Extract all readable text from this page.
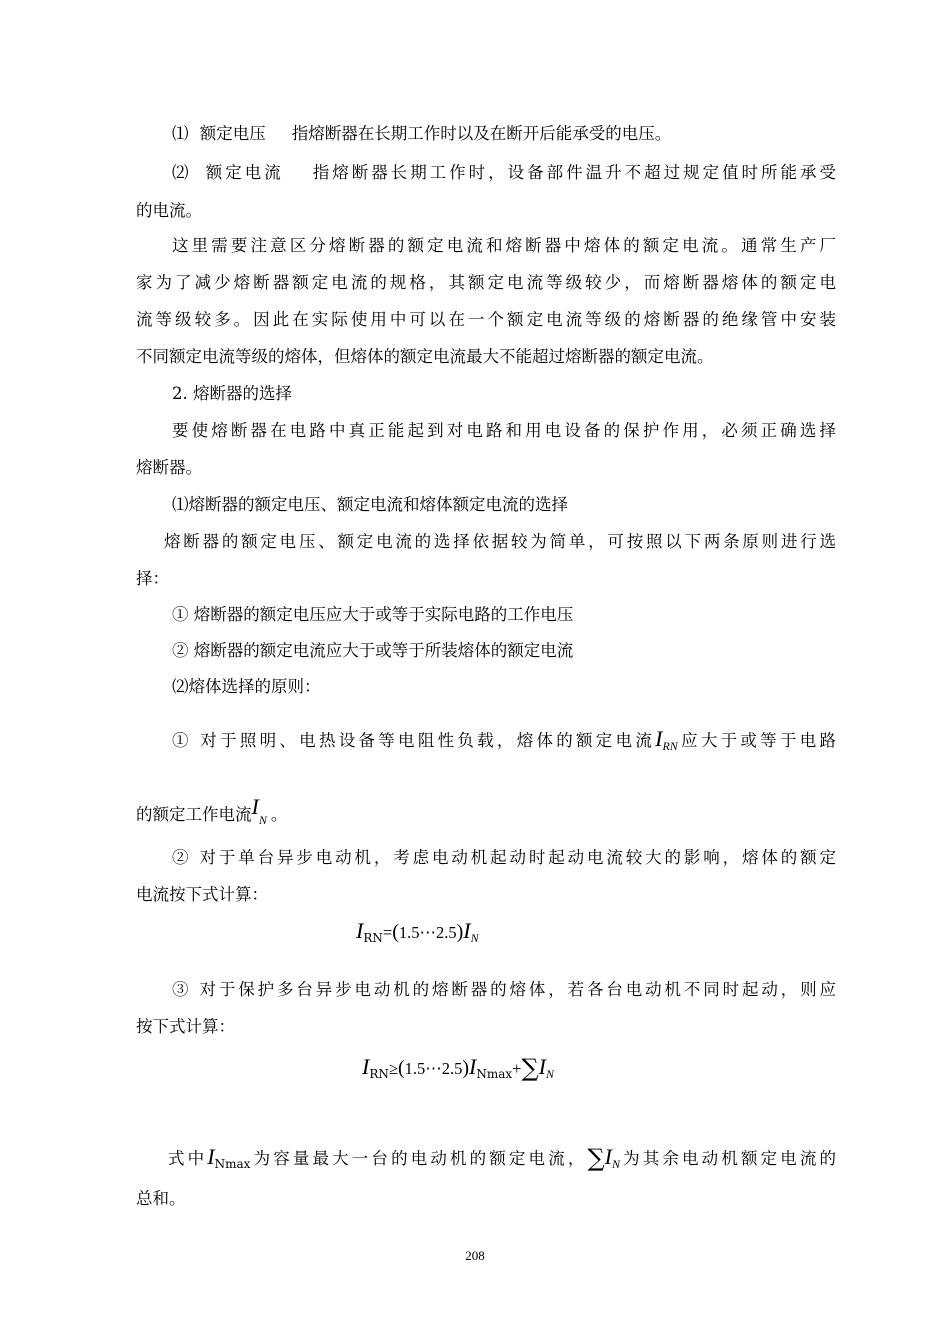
⑴ 额定电压 指熔断器在长期工作时以及在断开后能承受的电压。
⑵ 额定电流 指熔断器长期工作时，设备部件温升不超过规定值时所能承受
的电流。
这里需要注意区分熔断器的额定电流和熔断器中熔体的额定电流。通常生产厂
家为了减少熔断器额定电流的规格，其额定电流等级较少，而熔断器熔体的额定电
流等级较多。因此在实际使用中可以在一个额定电流等级的熔断器的绝缘管中安装
不同额定电流等级的熔体，但熔体的额定电流最大不能超过熔断器的额定电流。
2. 熔断器的选择
要使熔断器在电路中真正能起到对电路和用电设备的保护作用，必须正确选择
熔断器。
⑴熔断器的额定电压、额定电流和熔体额定电流的选择
熔断器的额定电压、额定电流的选择依据较为简单，可按照以下两条原则进行选
择：
① 熔断器的额定电压应大于或等于实际电路的工作电压
② 熔断器的额定电流应大于或等于所装熔体的额定电流
⑵熔体选择的原则：
① 对于照明、电热设备等电阻性负载，熔体的额定电流$I_{RN}$应大于或等于电路
的额定工作电流$I_N$ 。
② 对于单台异步电动机，考虑电动机起动时起动电流较大的影响，熔体的额定
电流按下式计算：
$I_{RN}=(1.5\cdots 2.5)I_N$
③ 对于保护多台异步电动机的熔断器的熔体，若各台电动机不同时起动，则应
按下式计算：
$I_{RN}\ge(1.5\cdots 2.5)I_{Nmax}+\sum I_N$
式中$I_{Nmax}$为容量最大一台的电动机的额定电流，$\sum I_N$为其余电动机额定电流的
总和。
208
